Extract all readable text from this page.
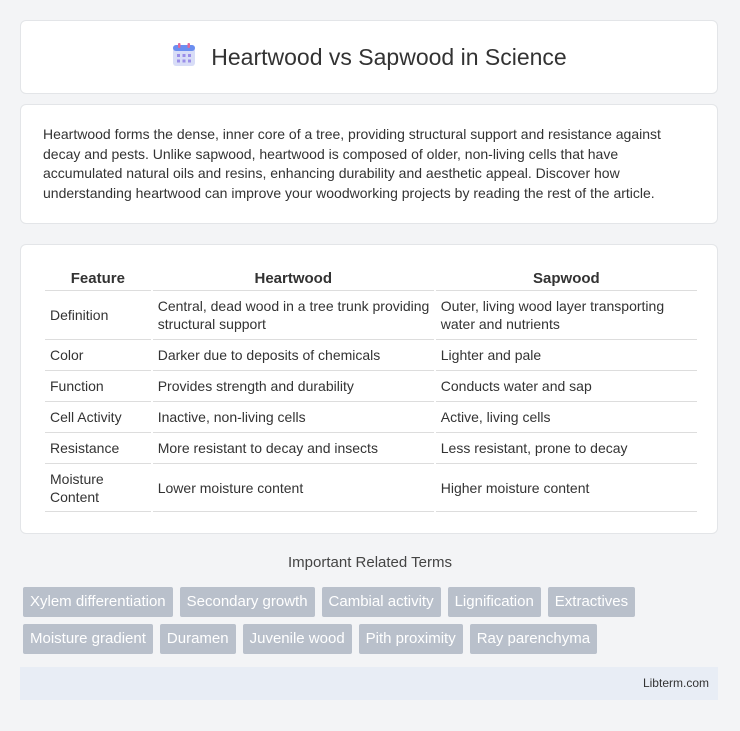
Heartwood vs Sapwood in Science

Heartwood forms the dense, inner core of a tree, providing structural support and resistance against decay and pests. Unlike sapwood, heartwood is composed of older, non-living cells that have accumulated natural oils and resins, enhancing durability and aesthetic appeal. Discover how understanding heartwood can improve your woodworking projects by reading the rest of the article.

Feature	Heartwood	Sapwood
Definition	Central, dead wood in a tree trunk providing structural support	Outer, living wood layer transporting water and nutrients
Color	Darker due to deposits of chemicals	Lighter and pale
Function	Provides strength and durability	Conducts water and sap
Cell Activity	Inactive, non-living cells	Active, living cells
Resistance	More resistant to decay and insects	Less resistant, prone to decay
Moisture Content	Lower moisture content	Higher moisture content
Important Related Terms
Xylem differentiation	Secondary growth	Cambial activity	Lignification	Extractives
Moisture gradient	Duramen	Juvenile wood	Pith proximity	Ray parenchyma
Libterm.com
